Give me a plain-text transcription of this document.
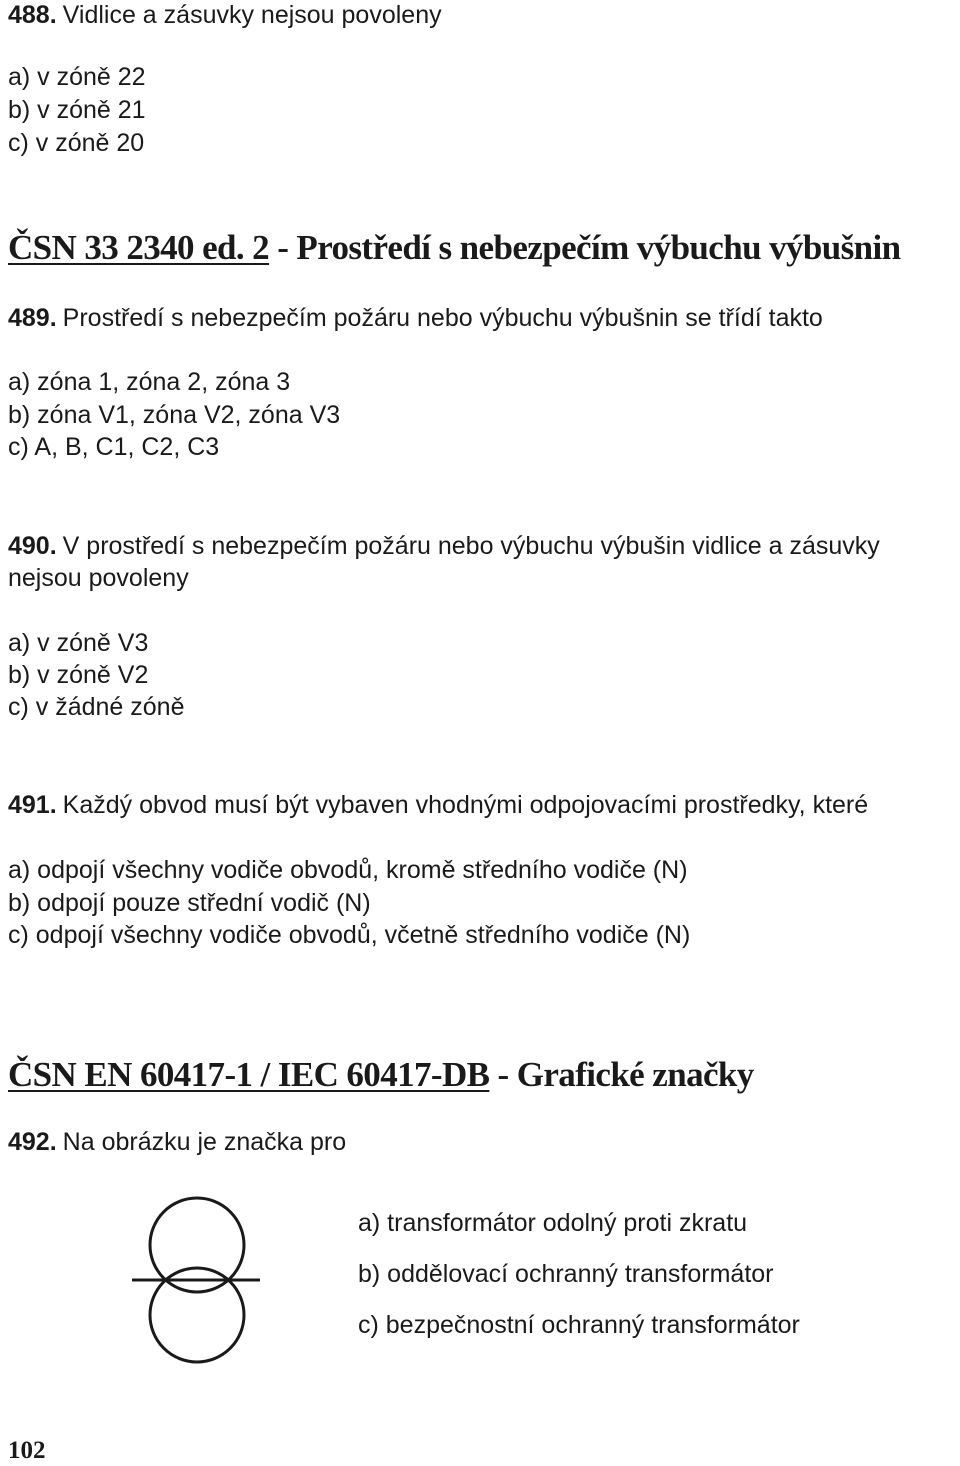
488. Vidlice a zásuvky nejsou povoleny
a) v zóně 22
b) v zóně 21
c) v zóně 20
ČSN 33 2340 ed. 2 - Prostředí s nebezpečím výbuchu výbušnin
489. Prostředí s nebezpečím požáru nebo výbuchu výbušnin se třídí takto
a) zóna 1, zóna 2, zóna 3
b) zóna V1, zóna V2, zóna V3
c) A, B, C1, C2, C3
490. V prostředí s nebezpečím požáru nebo výbuchu výbušin vidlice a zásuvky
nejsou povoleny
a) v zóně V3
b) v zóně V2
c) v žádné zóně
491. Každý obvod musí být vybaven vhodnými odpojovacími prostředky, které
a) odpojí všechny vodiče obvodů, kromě středního vodiče (N)
b) odpojí pouze střední vodič (N)
c) odpojí všechny vodiče obvodů, včetně středního vodiče (N)
ČSN EN 60417-1 / IEC 60417-DB - Grafické značky
492. Na obrázku je značka pro
a) transformátor odolný proti zkratu
b) oddělovací ochranný transformátor
c) bezpečnostní ochranný transformátor
102
